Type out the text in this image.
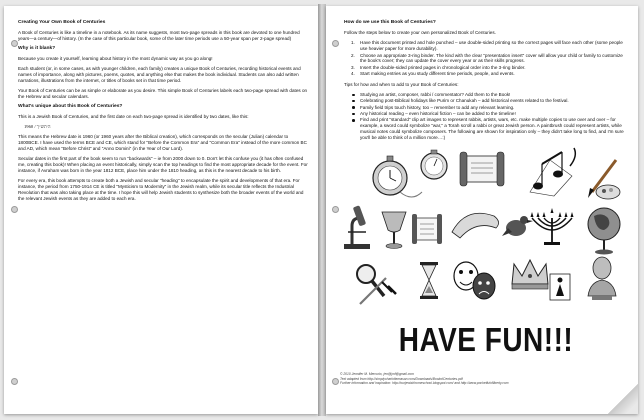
Creating Your Own Book of Centuries

A Book of Centuries is like a timeline in a notebook. As its name suggests, most two-page spreads in this book are devoted to one hundred years—a century—of history. (In the case of this particular book, some of the later time periods use a 50-year span per 2-page spread)

Why is it blank?

Because you create it yourself, learning about history in the most dynamic way as you go along!

Each student (or, in some cases, as with younger children, each family) creates a unique Book of Centuries, recording historical events and names of importance, along with pictures, poems, quotes, and anything else that makes the book individual. Students can also add written narrations, illustrations from the internet, or titles of books set in that time period.

Your Book of Centuries can be as simple or elaborate as you desire. This simple Book of Centuries labels each two-page spread with dates on the Hebrew and secular calendars.

What's unique about this Book of Centuries?

This is a Jewish Book of Centuries, and the first date on each two-page spread is identified by two dates, like this:

ה׳תש״ך / 1960

This means the Hebrew date is 1960 (or 1960 years after the Biblical creation), which corresponds on the secular (Julian) calendar to 1800BCE. I have used the terms BCE and CE, which stand for "Before the Common Era" and "Common Era" instead of the more common BC and AD, which mean "Before Christ" and "Anno Domini" (in the Year of Our Lord).

Secular dates in the first part of the book seem to run "backwards" – ie from 2000 down to 0. Don't let this confuse you (it has often confused me, creating this book)! When placing an event historically, simply scan the top headings to find the most appropriate decade for the event. For instance, if Avraham was born in the year 1812 BCE, place him under the 1810 heading, as this is the nearest decade to his birth.

For every era, this book attempts to create both a Jewish and secular "heading" to encapsulate the spirit and developments of that era. For instance, the period from 1750-1914 CE is titled "Mysticism to Modernity" in the Jewish realm, while its secular title reflects the Industrial Revolution that was also taking place at the time. I hope this will help Jewish students to synthesize both the broader events of the world and the relevant Jewish events as they are added to each era.

How do we use this Book of Centuries?

Follow the steps below to create your own personalized Book of Centuries.

1. Have this document printed and hole punched – use double-sided printing so the correct pages will face each other (some people use heavier paper for more durability).
2. Choose an appropriate 3-ring binder. The kind with the clear "presentation insert" cover will allow your child or family to customize the book's cover; they can update the cover every year or as their skills progress.
3. Insert the double-sided printed pages in chronological order into the 3-ring binder.
4. Start making entries as you study different time periods, people, and events.

Tips for how and when to add to your Book of Centuries:

Studying an artist, composer, rabbi / commentator? Add them to the Book!
Celebrating post-Biblical holidays like Purim or Chanukah – add historical events related to the festival.
Family field trips touch history, too – remember to add any relevant learning.
Any historical reading – even historical fiction – can be added to the timeline!
Find and print "standard" clip art images to represent rabbis, artists, wars, etc. make multiple copies to use over and over – for example, a sword could symbolize "war," a Torah scroll a rabbi or great Jewish person. A paintbrush could represent artists, while musical notes could symbolize composers. The following are shown for inspiration only – they didn't take long to find, and I'm sure you'll be able to think of a million more…:)
HAVE FUN!!!
© 2010 Jennifer M. Mercurio, jen@jmf@gmail.com
Text adapted from http://simplycharlottemason.com/Downloads/BookofCenturies.pdf
Further information and inspiration: http://ourjewishhomeschool.blogspot.com/ and http://www.pocketfulofliberty.com
